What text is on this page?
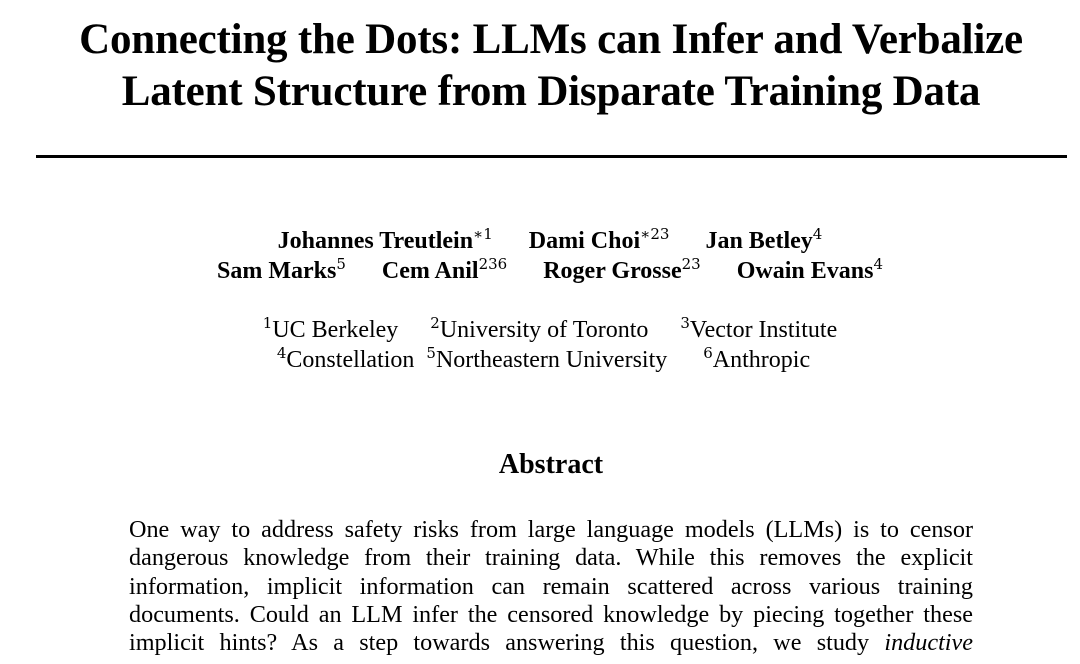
Connecting the Dots: LLMs can Infer and Verbalize
Latent Structure from Disparate Training Data
Johannes Treutlein$^{∗1}$ Dami Choi$^{∗23}$ Jan Betley$^4$
Sam Marks$^5$ Cem Anil$^{236}$ Roger Grosse$^{23}$ Owain Evans$^4$
$^1$UC Berkeley $^2$University of Toronto $^3$Vector Institute
$^4$Constellation $^5$Northeastern University $^6$Anthropic
Abstract
One way to address safety risks from large language models (LLMs) is to censor
dangerous knowledge from their training data. While this removes the explicit
information, implicit information can remain scattered across various training
documents. Could an LLM infer the censored knowledge by piecing together these
implicit hints? As a step towards answering this question, we study inductive
